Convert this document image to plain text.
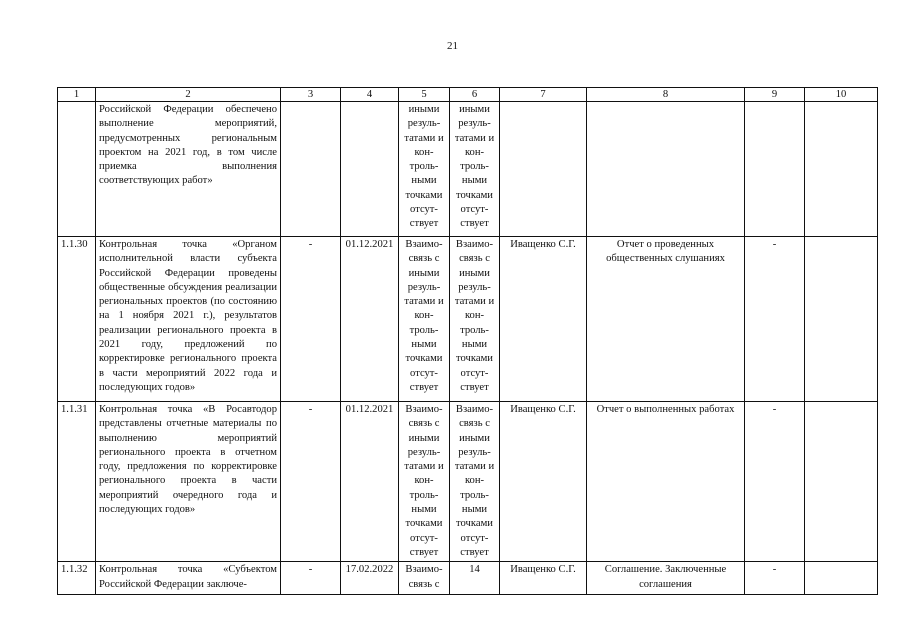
21
1	2	3	4	5	6	7	8	9	10
	Российской Федерации обеспечено выполнение мероприятий, предусмотренных региональным проектом на 2021 год, в том числе приемка выполнения соответствующих работ»			иными резуль-татами и кон-троль-ными точками отсут-ствует	иными резуль-татами и кон-троль-ными точками отсут-ствует				
1.1.30	Контрольная точка «Органом исполнительной власти субъекта Российской Федерации проведены общественные обсуждения реализации региональных проектов (по состоянию на 1 ноября 2021 г.), результатов реализации регионального проекта в 2021 году, предложений по корректировке регионального проекта в части мероприятий 2022 года и последующих годов»	-	01.12.2021	Взаимо-связь с иными резуль-татами и кон-троль-ными точками отсут-ствует	Взаимо-связь с иными резуль-татами и кон-троль-ными точками отсут-ствует	Иващенко С.Г.	Отчет о проведенных общественных слушаниях	-	
1.1.31	Контрольная точка «В Росавтодор представлены отчетные материалы по выполнению мероприятий регионального проекта в отчетном году, предложения по корректировке регионального проекта в части мероприятий очередного года и последующих годов»	-	01.12.2021	Взаимо-связь с иными резуль-татами и кон-троль-ными точками отсут-ствует	Взаимо-связь с иными резуль-татами и кон-троль-ными точками отсут-ствует	Иващенко С.Г.	Отчет о выполненных работах	-	
1.1.32	Контрольная точка «Субъектом Российской Федерации заключе-	-	17.02.2022	Взаимо-связь с	14	Иващенко С.Г.	Соглашение. Заключенные соглашения	-	
